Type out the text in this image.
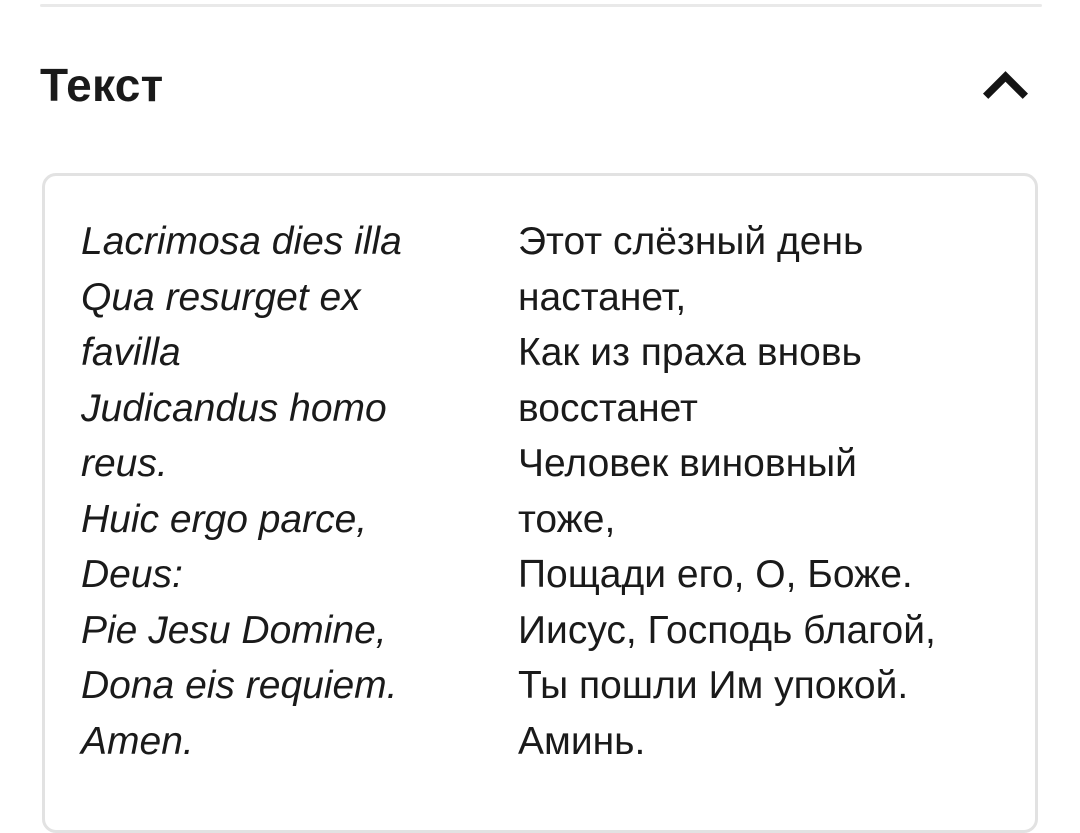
Текст
Lacrimosa dies illa
Qua resurget ex
favilla
Judicandus homo
reus.
Huic ergo parce,
Deus:
Pie Jesu Domine,
Dona eis requiem.
Amen.
Этот слёзный день
настанет,
Как из праха вновь
восстанет
Человек виновный
тоже,
Пощади его, О, Боже.
Иисус, Господь благой,
Ты пошли Им упокой.
Аминь.
